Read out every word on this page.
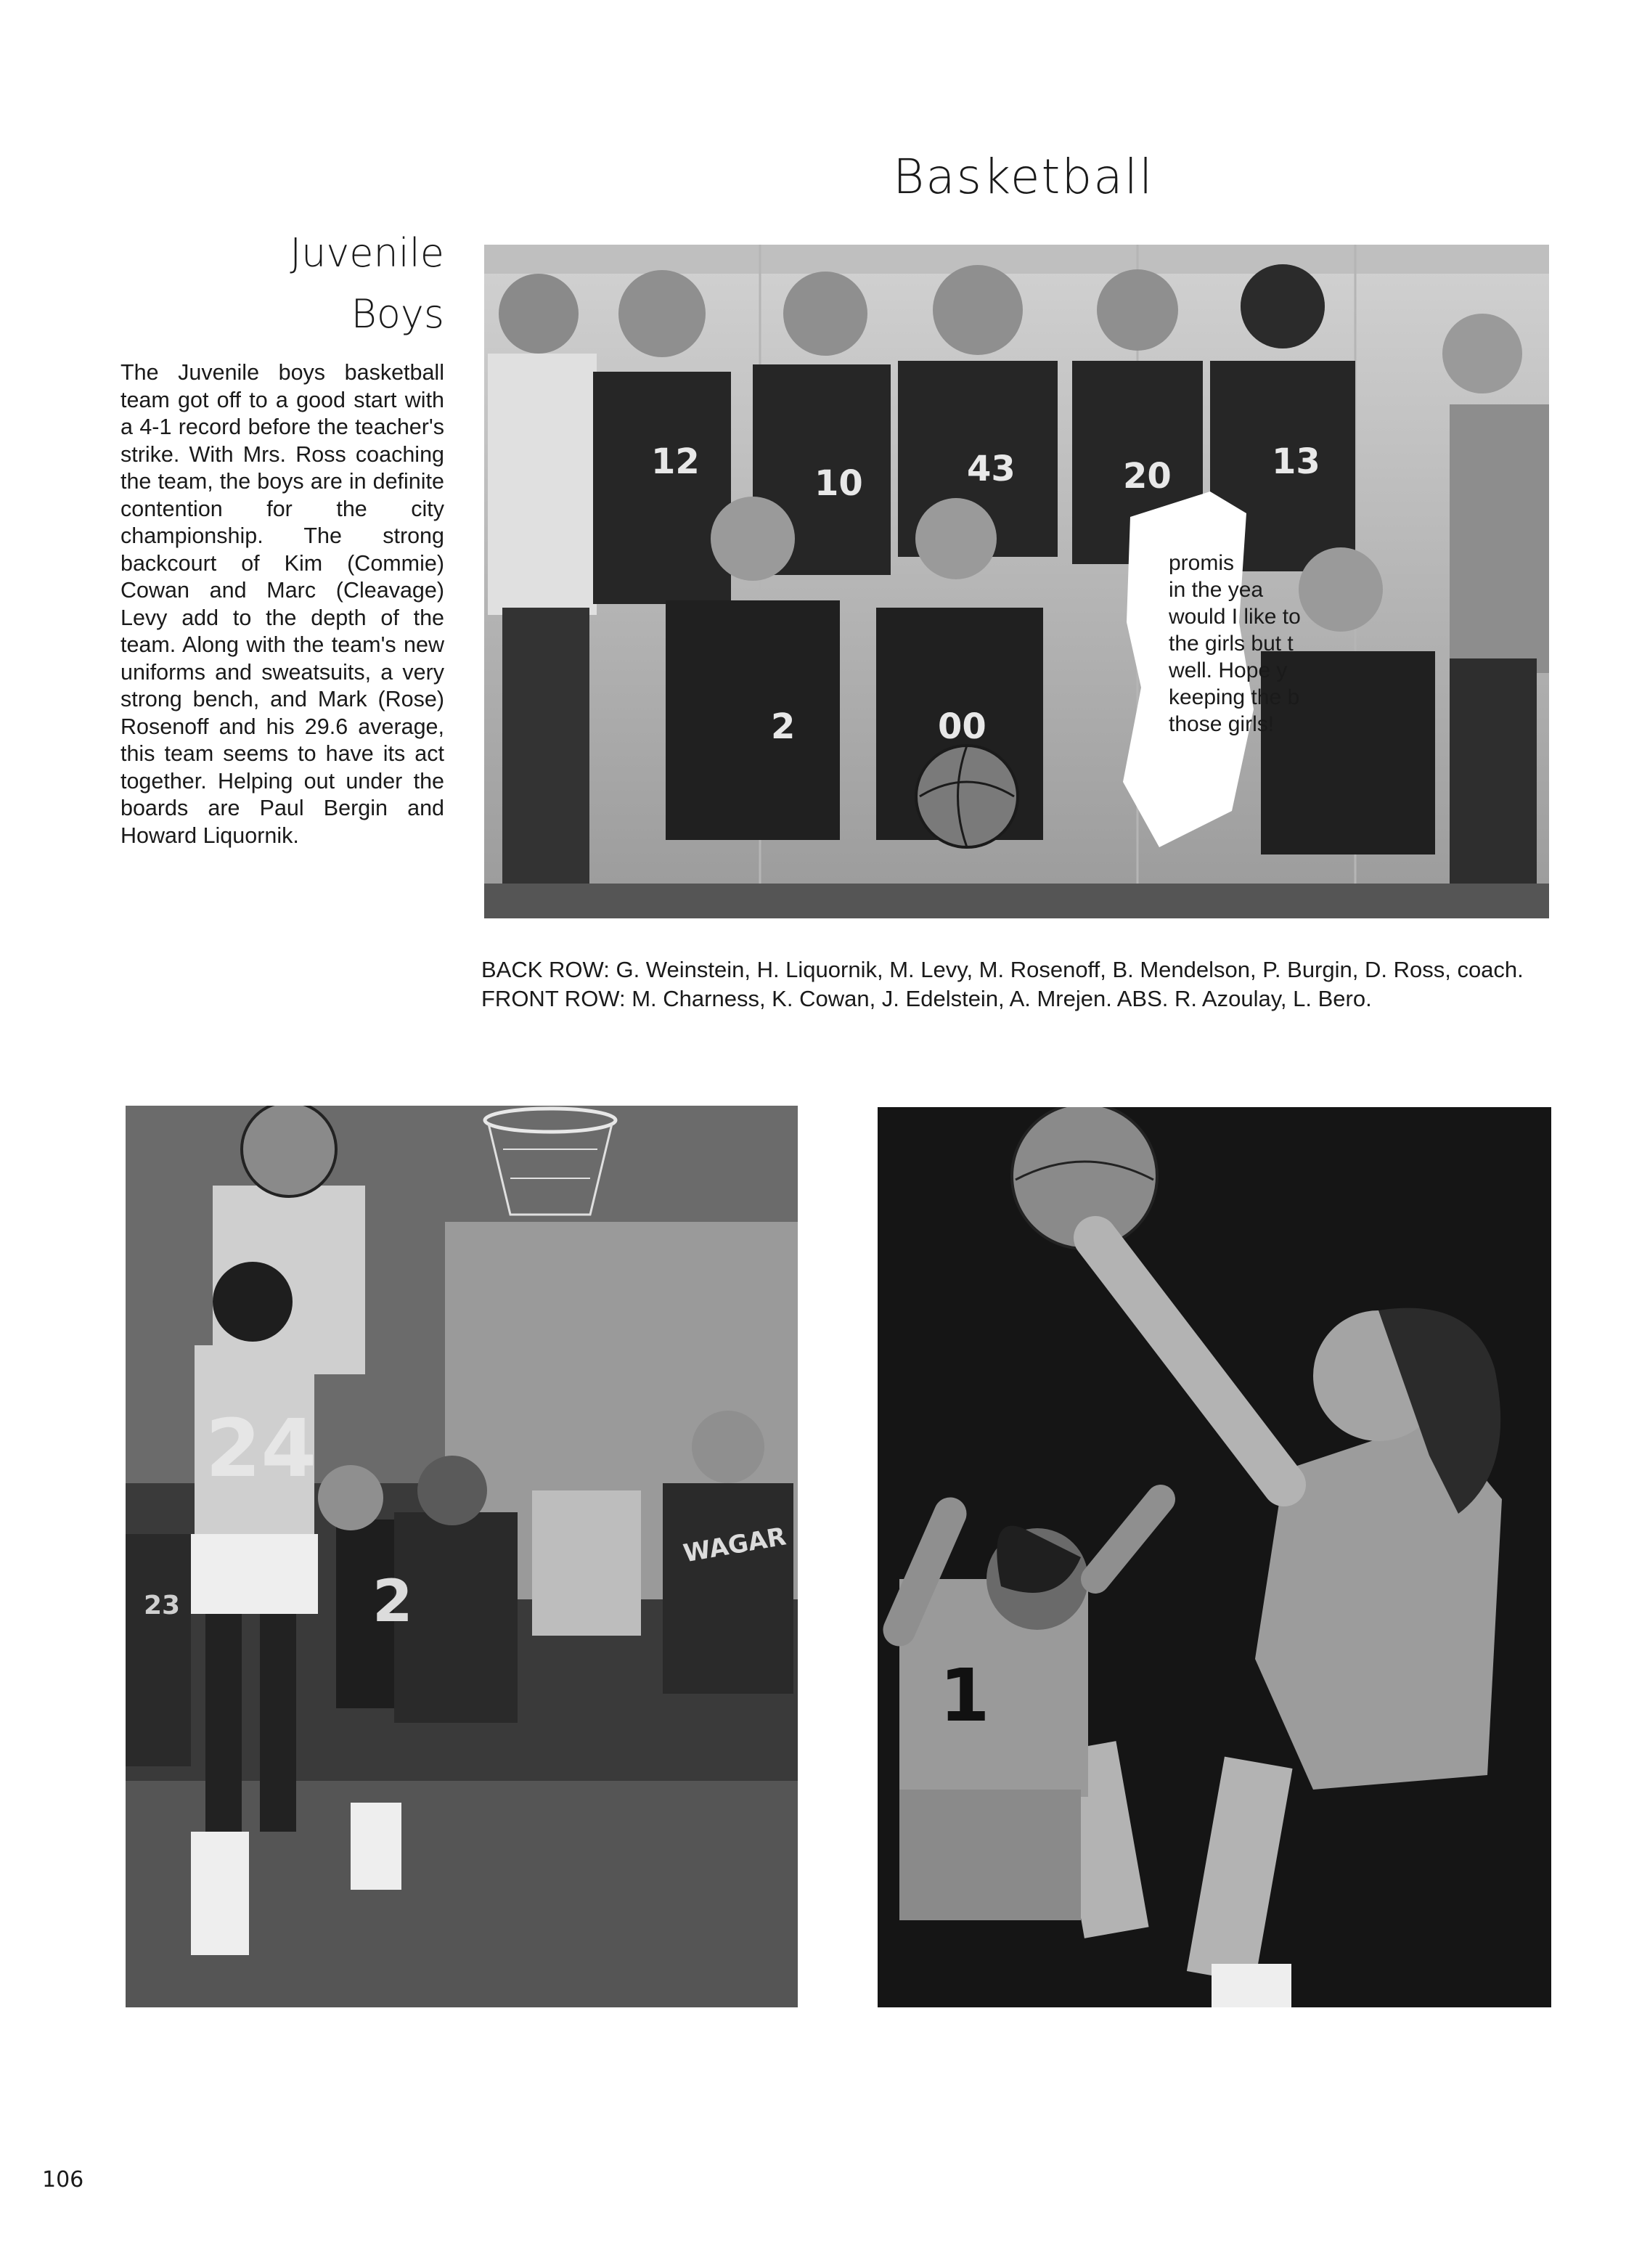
Basketball
Juvenile
Boys
The Juvenile boys basketball team got off to a good start with a 4-1 record before the teacher's strike. With Mrs. Ross coaching the team, the boys are in definite contention for the city championship. The strong backcourt of Kim (Commie) Cowan and Marc (Cleavage) Levy add to the depth of the team. Along with the team's new uniforms and sweatsuits, a very strong bench, and Mark (Rose) Rosenoff and his 29.6 average, this team seems to have its act together. Helping out under the boards are Paul Bergin and Howard Liquornik.
12
10	43	20	13
2	00
promis
in the yea
would I like to
the girls but t
well. Hope y
keeping the b
those girls!
BACK ROW: G. Weinstein, H. Liquornik, M. Levy, M. Rosenoff, B. Mendelson, P. Burgin, D. Ross, coach. FRONT ROW: M. Charness, K. Cowan, J. Edelstein, A. Mrejen. ABS. R. Azoulay, L. Bero.
24
23	2
WAGAR
1
106
